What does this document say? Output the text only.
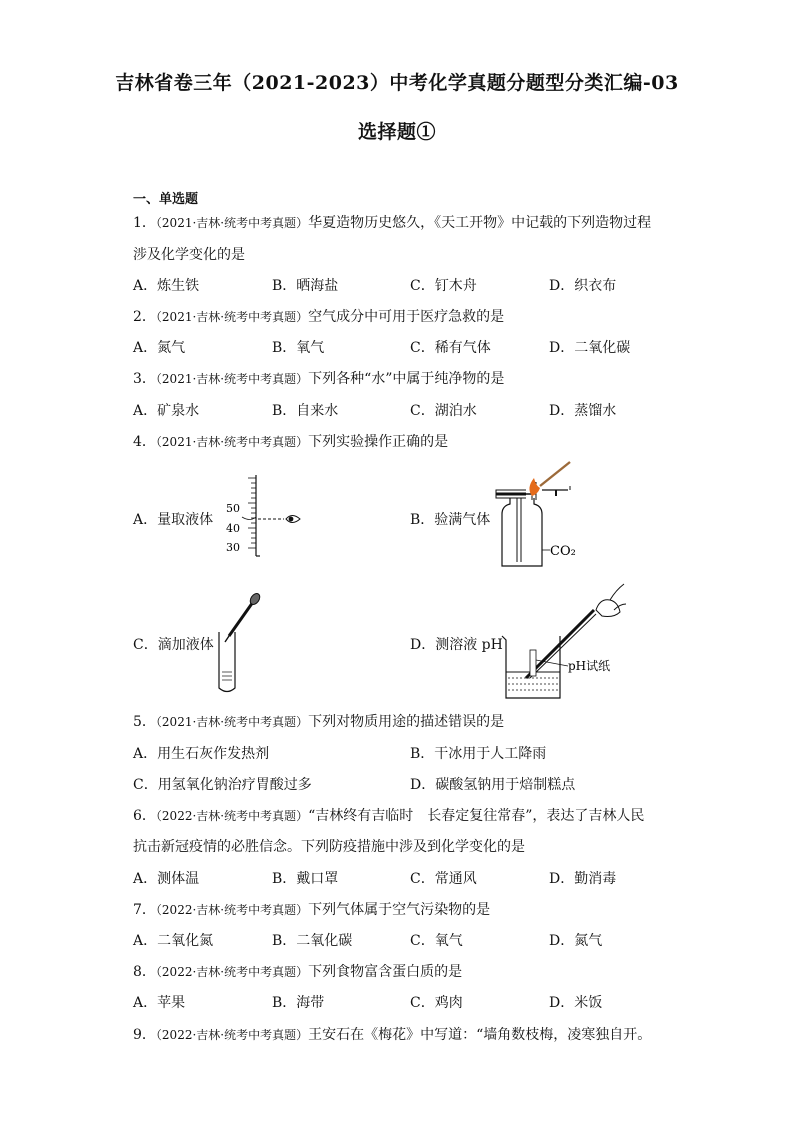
吉林省卷三年（2021-2023）中考化学真题分题型分类汇编-03
选择题①
一、单选题
1．（2021·吉林·统考中考真题）华夏造物历史悠久，《天工开物》中记载的下列造物过程
涉及化学变化的是
A．炼生铁	B．晒海盐	C．钉木舟	D．织衣布
2．（2021·吉林·统考中考真题）空气成分中可用于医疗急救的是
A．氮气	B．氧气	C．稀有气体	D．二氧化碳
3．（2021·吉林·统考中考真题）下列各种“水”中属于纯净物的是
A．矿泉水	B．自来水	C．湖泊水	D．蒸馏水
4．（2021·吉林·统考中考真题）下列实验操作正确的是
A．量取液体
50
40
30
B．验满气体
CO₂
C．滴加液体	D．测溶液 pH
pH试纸
5．（2021·吉林·统考中考真题）下列对物质用途的描述错误的是
A．用生石灰作发热剂	B．干冰用于人工降雨
C．用氢氧化钠治疗胃酸过多	D．碳酸氢钠用于焙制糕点
6．（2022·吉林·统考中考真题）“吉林终有吉临时　长春定复往常春”，表达了吉林人民
抗击新冠疫情的必胜信念。下列防疫措施中涉及到化学变化的是
A．测体温	B．戴口罩	C．常通风	D．勤消毒
7．（2022·吉林·统考中考真题）下列气体属于空气污染物的是
A．二氧化氮	B．二氧化碳	C．氧气	D．氮气
8．（2022·吉林·统考中考真题）下列食物富含蛋白质的是
A．苹果	B．海带	C．鸡肉	D．米饭
9．（2022·吉林·统考中考真题）王安石在《梅花》中写道：“墙角数枝梅，凌寒独自开。
